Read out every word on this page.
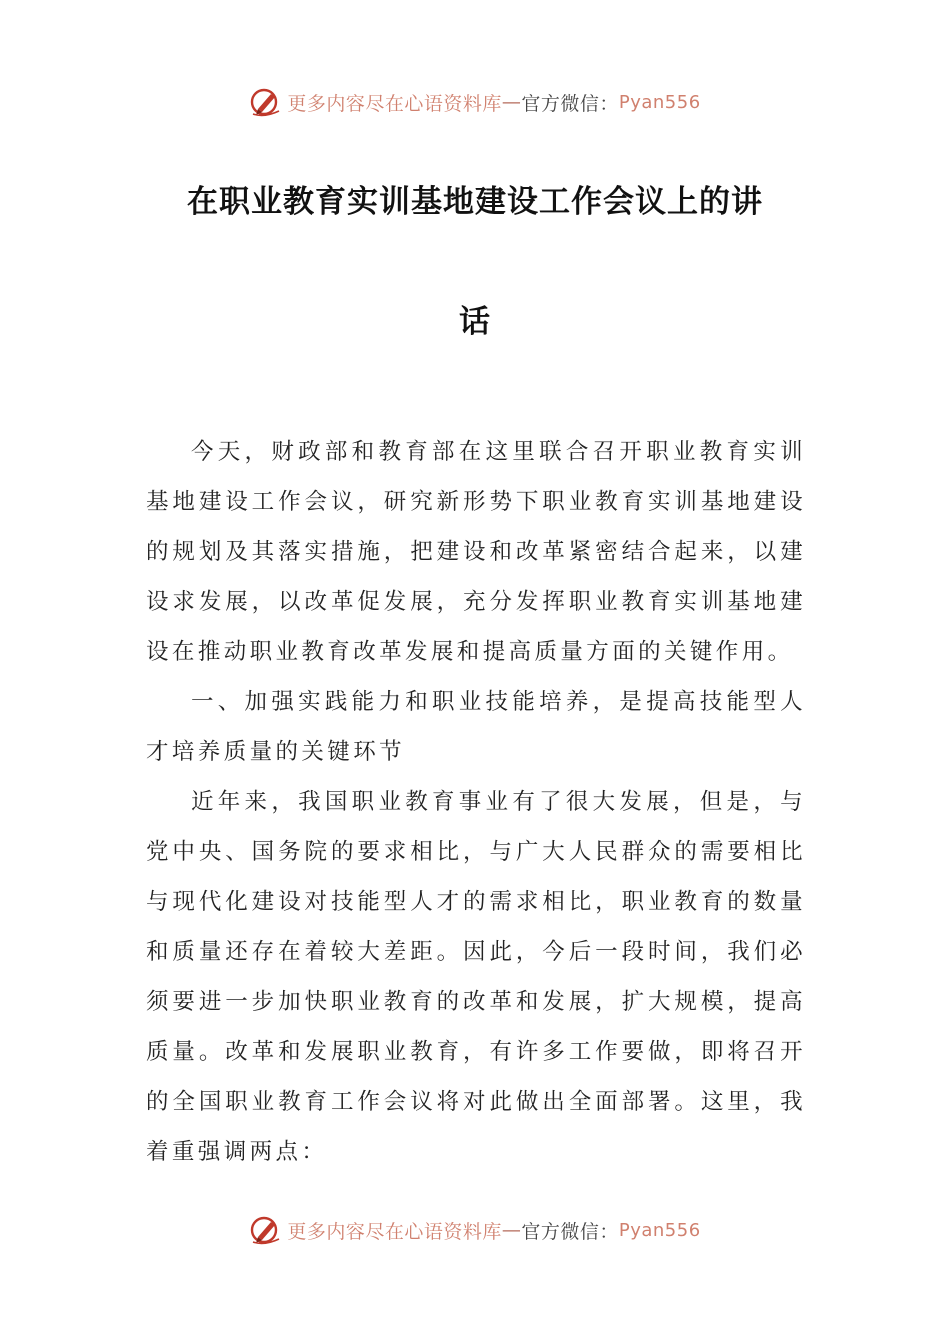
更多内容尽在心语资料库 — 官方微信： Pyan556
在职业教育实训基地建设工作会议上的讲
话

今天，财政部和教育部在这里联合召开职业教育实训基地建设工作会议，研究新形势下职业教育实训基地建设的规划及其落实措施，把建设和改革紧密结合起来，以建设求发展，以改革促发展，充分发挥职业教育实训基地建设在推动职业教育改革发展和提高质量方面的关键作用。

一、加强实践能力和职业技能培养，是提高技能型人才培养质量的关键环节

近年来，我国职业教育事业有了很大发展，但是，与党中央、国务院的要求相比，与广大人民群众的需要相比与现代化建设对技能型人才的需求相比，职业教育的数量和质量还存在着较大差距。因此，今后一段时间，我们必须要进一步加快职业教育的改革和发展，扩大规模，提高质量。改革和发展职业教育，有许多工作要做，即将召开的全国职业教育工作会议将对此做出全面部署。这里，我着重强调两点：

更多内容尽在心语资料库 — 官方微信： Pyan556
